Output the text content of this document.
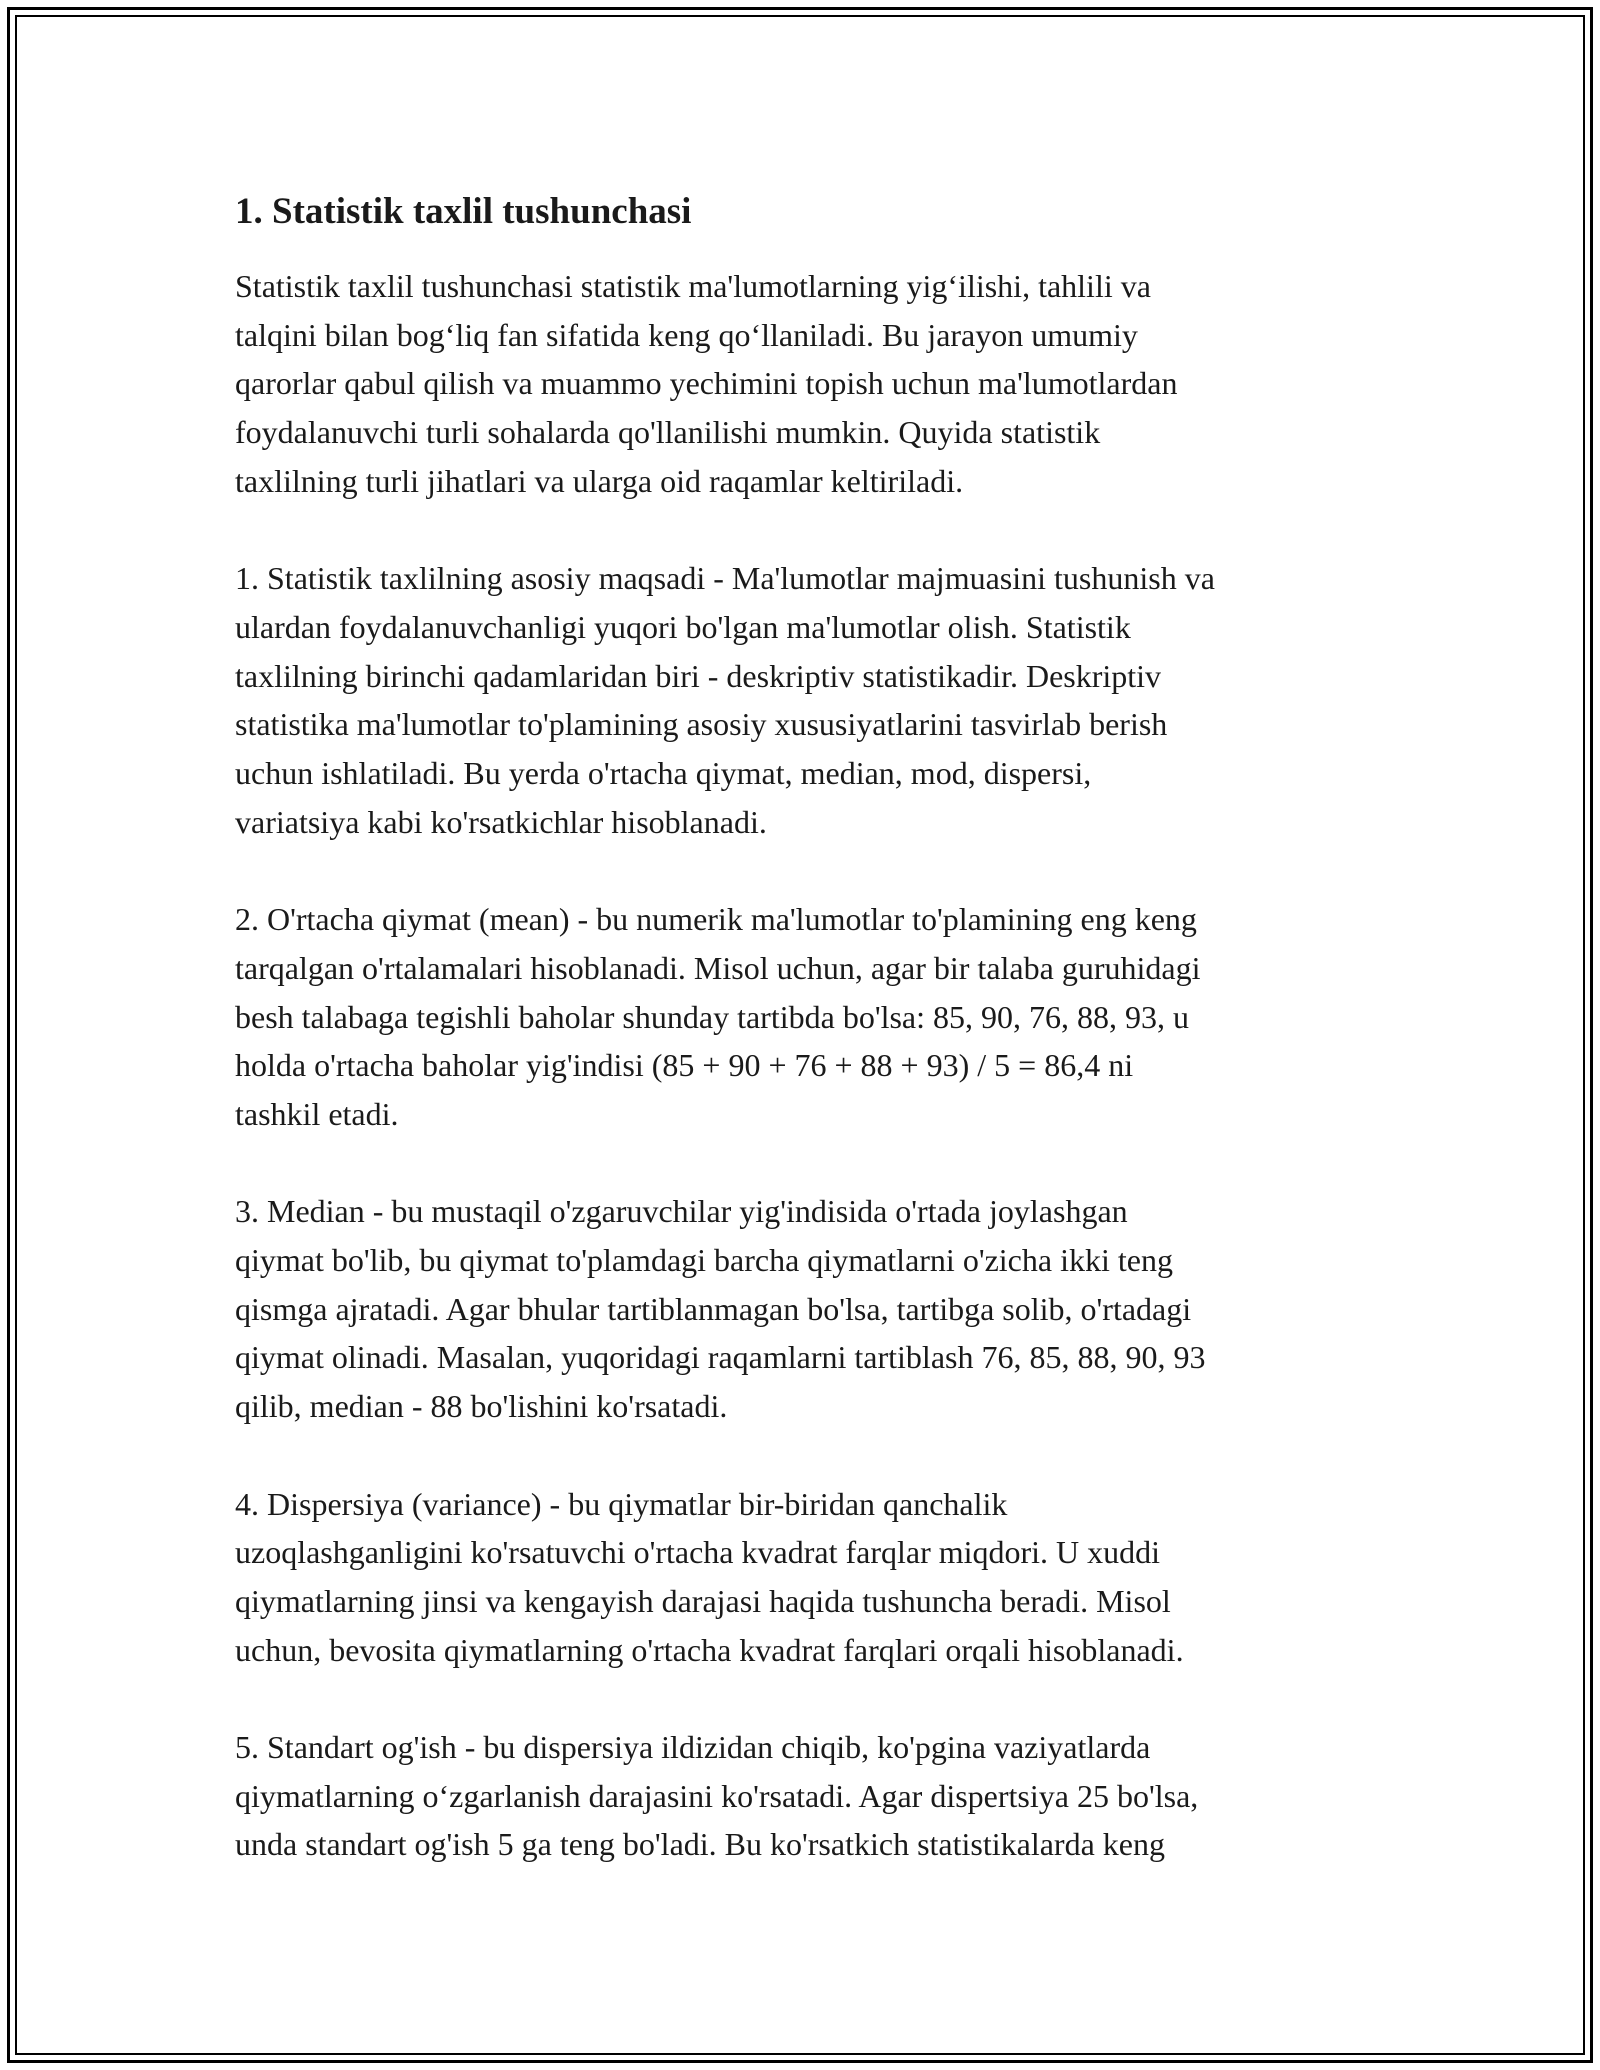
1. Statistik taxlil tushunchasi
Statistik taxlil tushunchasi statistik ma'lumotlarning yig‘ilishi, tahlili va
talqini bilan bog‘liq fan sifatida keng qo‘llaniladi. Bu jarayon umumiy
qarorlar qabul qilish va muammo yechimini topish uchun ma'lumotlardan
foydalanuvchi turli sohalarda qo'llanilishi mumkin. Quyida statistik
taxlilning turli jihatlari va ularga oid raqamlar keltiriladi.
1. Statistik taxlilning asosiy maqsadi - Ma'lumotlar majmuasini tushunish va
ulardan foydalanuvchanligi yuqori bo'lgan ma'lumotlar olish. Statistik
taxlilning birinchi qadamlaridan biri - deskriptiv statistikadir. Deskriptiv
statistika ma'lumotlar to'plamining asosiy xususiyatlarini tasvirlab berish
uchun ishlatiladi. Bu yerda o'rtacha qiymat, median, mod, dispersi,
variatsiya kabi ko'rsatkichlar hisoblanadi.
2. O'rtacha qiymat (mean) - bu numerik ma'lumotlar to'plamining eng keng
tarqalgan o'rtalamalari hisoblanadi. Misol uchun, agar bir talaba guruhidagi
besh talabaga tegishli baholar shunday tartibda bo'lsa: 85, 90, 76, 88, 93, u
holda o'rtacha baholar yig'indisi (85 + 90 + 76 + 88 + 93) / 5 = 86,4 ni
tashkil etadi.
3. Median - bu mustaqil o'zgaruvchilar yig'indisida o'rtada joylashgan
qiymat bo'lib, bu qiymat to'plamdagi barcha qiymatlarni o'zicha ikki teng
qismga ajratadi. Agar bhular tartiblanmagan bo'lsa, tartibga solib, o'rtadagi
qiymat olinadi. Masalan, yuqoridagi raqamlarni tartiblash 76, 85, 88, 90, 93
qilib, median - 88 bo'lishini ko'rsatadi.
4. Dispersiya (variance) - bu qiymatlar bir-biridan qanchalik
uzoqlashganligini ko'rsatuvchi o'rtacha kvadrat farqlar miqdori. U xuddi
qiymatlarning jinsi va kengayish darajasi haqida tushuncha beradi. Misol
uchun, bevosita qiymatlarning o'rtacha kvadrat farqlari orqali hisoblanadi.
5. Standart og'ish - bu dispersiya ildizidan chiqib, ko'pgina vaziyatlarda
qiymatlarning o‘zgarlanish darajasini ko'rsatadi. Agar dispertsiya 25 bo'lsa,
unda standart og'ish 5 ga teng bo'ladi. Bu ko'rsatkich statistikalarda keng
